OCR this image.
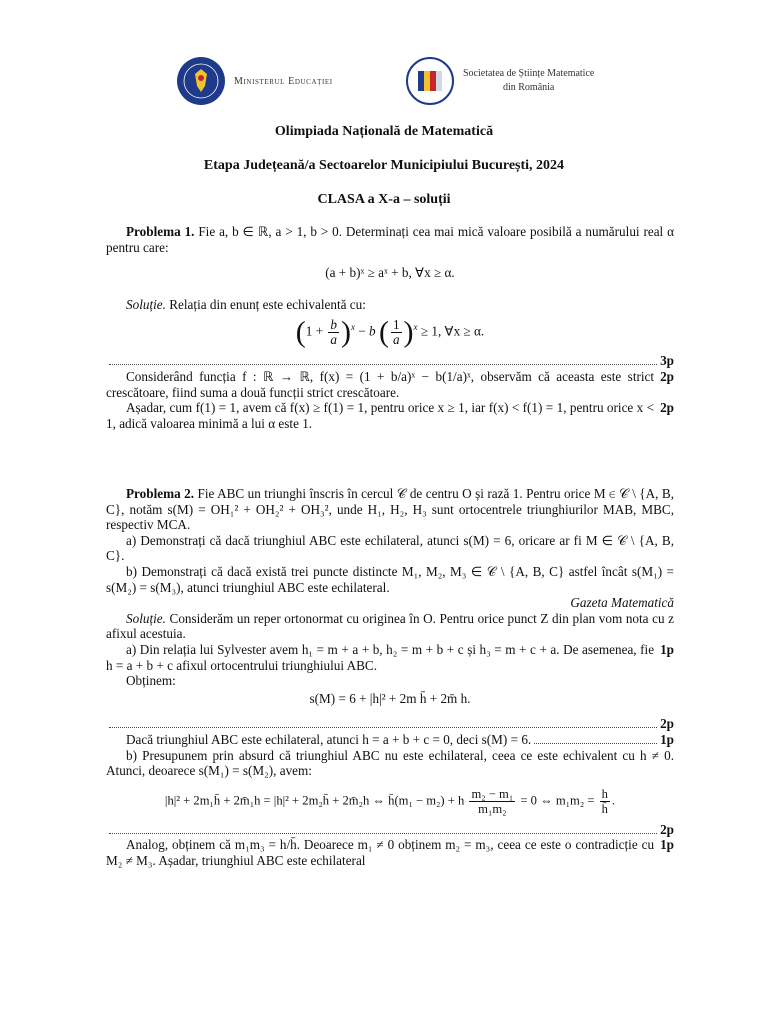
Ministerul Educației
Societatea de Științe Matematice
din România
Olimpiada Națională de Matematică
Etapa Județeană/a Sectoarelor Municipiului București, 2024
CLASA a X-a – soluții

Problema 1. Fie a, b ∈ ℝ, a > 1, b > 0. Determinați cea mai mică valoare posibilă a numărului real α pentru care:

(a + b)ˣ ≥ aˣ + b, ∀x ≥ α.

Soluție. Relația din enunț este echivalentă cu:

$(1 + \frac{b}{a} )^x - b$ ( $\frac{1}{a} )^x \ge 1$, ∀x ≥ α.
3p
Considerând funcția f : ℝ → ℝ, f(x) = (1 + b/a)ˣ − b(1/a)ˣ, observăm că aceasta este strict crescătoare, fiind suma a două funcții strict crescătoare.
2p
Așadar, cum f(1) = 1, avem că f(x) ≥ f(1) = 1, pentru orice x ≥ 1, iar f(x) < f(1) = 1, pentru orice x < 1, adică valoarea minimă a lui α este 1.
2p

Problema 2. Fie ABC un triunghi înscris în cercul 𝒞 de centru O și rază 1. Pentru orice M ∈ 𝒞 \ {A, B, C}, notăm s(M) = OH₁² + OH₂² + OH₃², unde H₁, H₂, H₃ sunt ortocentrele triunghiurilor MAB, MBC, respectiv MCA.

a) Demonstrați că dacă triunghiul ABC este echilateral, atunci s(M) = 6, oricare ar fi M ∈ 𝒞 \ {A, B, C}.

b) Demonstrați că dacă există trei puncte distincte M₁, M₂, M₃ ∈ 𝒞 \ {A, B, C} astfel încât s(M₁) = s(M₂) = s(M₃), atunci triunghiul ABC este echilateral.

Gazeta Matematică

Soluție. Considerăm un reper ortonormat cu originea în O. Pentru orice punct Z din plan vom nota cu z afixul acestuia.

a) Din relația lui Sylvester avem h₁ = m + a + b, h₂ = m + b + c și h₃ = m + c + a. De asemenea, fie h = a + b + c afixul ortocentrului triunghiului ABC.
1p

Obținem:

s(M) = 6 + |h|² + 2m h̄ + 2m̄ h.
2p
Dacă triunghiul ABC este echilateral, atunci h = a + b + c = 0, deci s(M) = 6.	1p

b) Presupunem prin absurd că triunghiul ABC nu este echilateral, ceea ce este echivalent cu h ≠ 0. Atunci, deoarece s(M₁) = s(M₂), avem:

|h|² + 2m₁h̄ + 2m̄₁h = |h|² + 2m₂h̄ + 2m̄₂h ⇔ h̄(m₁ − m₂) + h $\frac{\text{m₂ − m₁}}{\text{m₁m₂}} = 0$ ⇔ $m_1m_2 = \frac{h}{h̄}$ .
2p
Analog, obținem că m₁m₃ = h/h̄. Deoarece m₁ ≠ 0 obținem m₂ = m₃, ceea ce este o contradicție cu M₂ ≠ M₃. Așadar, triunghiul ABC este echilateral
1p
